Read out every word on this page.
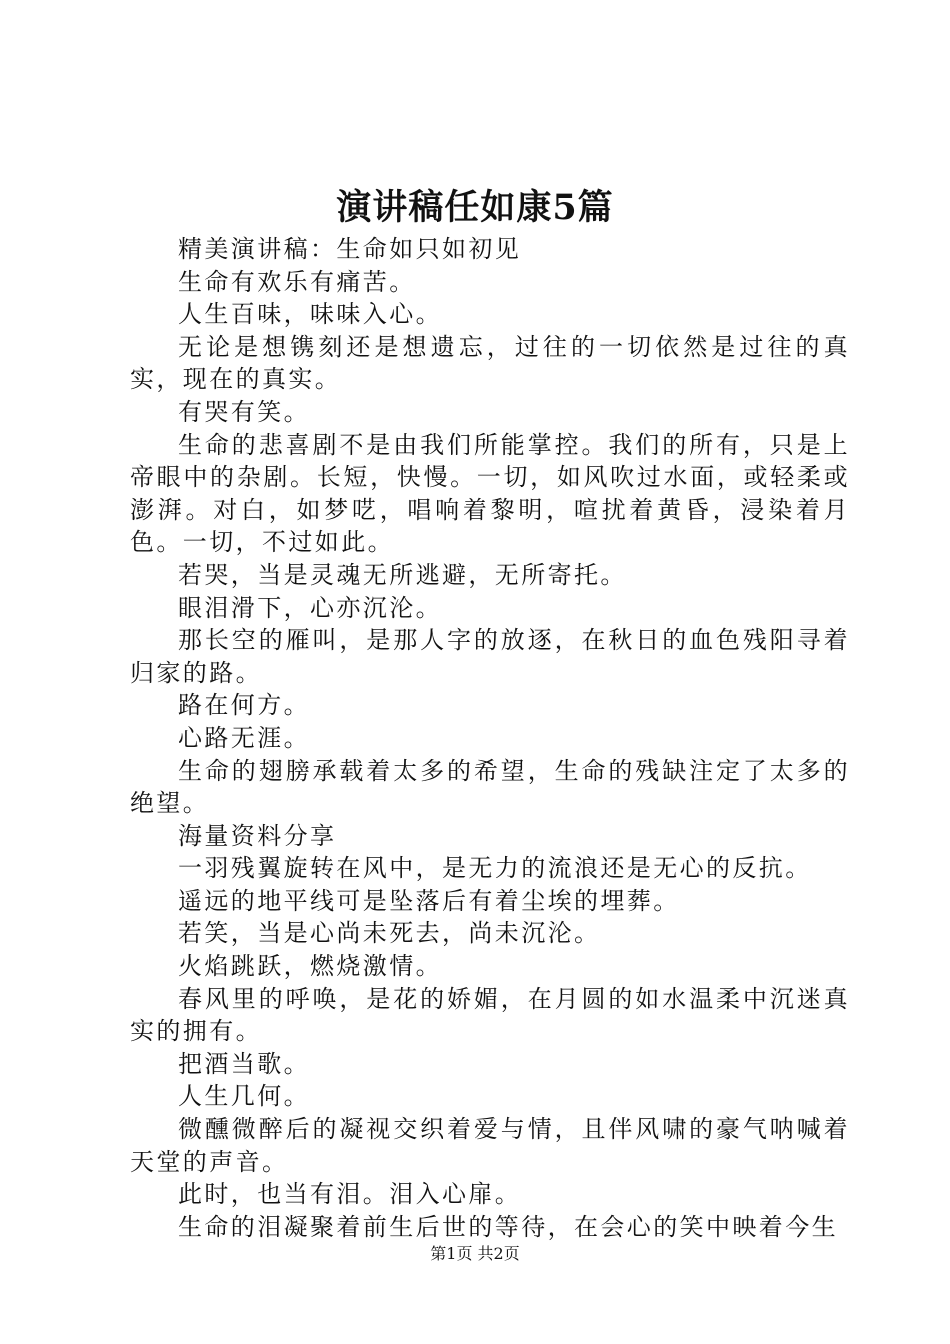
演讲稿任如康5篇

精美演讲稿：生命如只如初见

生命有欢乐有痛苦。

人生百味，味味入心。

无论是想镌刻还是想遗忘，过往的一切依然是过往的真实，现在的真实。

有哭有笑。

生命的悲喜剧不是由我们所能掌控。我们的所有，只是上帝眼中的杂剧。长短，快慢。一切，如风吹过水面，或轻柔或澎湃。对白，如梦呓，唱响着黎明，喧扰着黄昏，浸染着月色。一切，不过如此。

若哭，当是灵魂无所逃避，无所寄托。

眼泪滑下，心亦沉沦。

那长空的雁叫，是那人字的放逐，在秋日的血色残阳寻着归家的路。

路在何方。

心路无涯。

生命的翅膀承载着太多的希望，生命的残缺注定了太多的绝望。

海量资料分享

一羽残翼旋转在风中，是无力的流浪还是无心的反抗。

遥远的地平线可是坠落后有着尘埃的埋葬。

若笑，当是心尚未死去，尚未沉沦。

火焰跳跃，燃烧激情。

春风里的呼唤，是花的娇媚，在月圆的如水温柔中沉迷真实的拥有。

把酒当歌。

人生几何。

微醺微醉后的凝视交织着爱与情，且伴风啸的豪气呐喊着天堂的声音。

此时，也当有泪。泪入心扉。

生命的泪凝聚着前生后世的等待，在会心的笑中映着今生

第1页 共2页
